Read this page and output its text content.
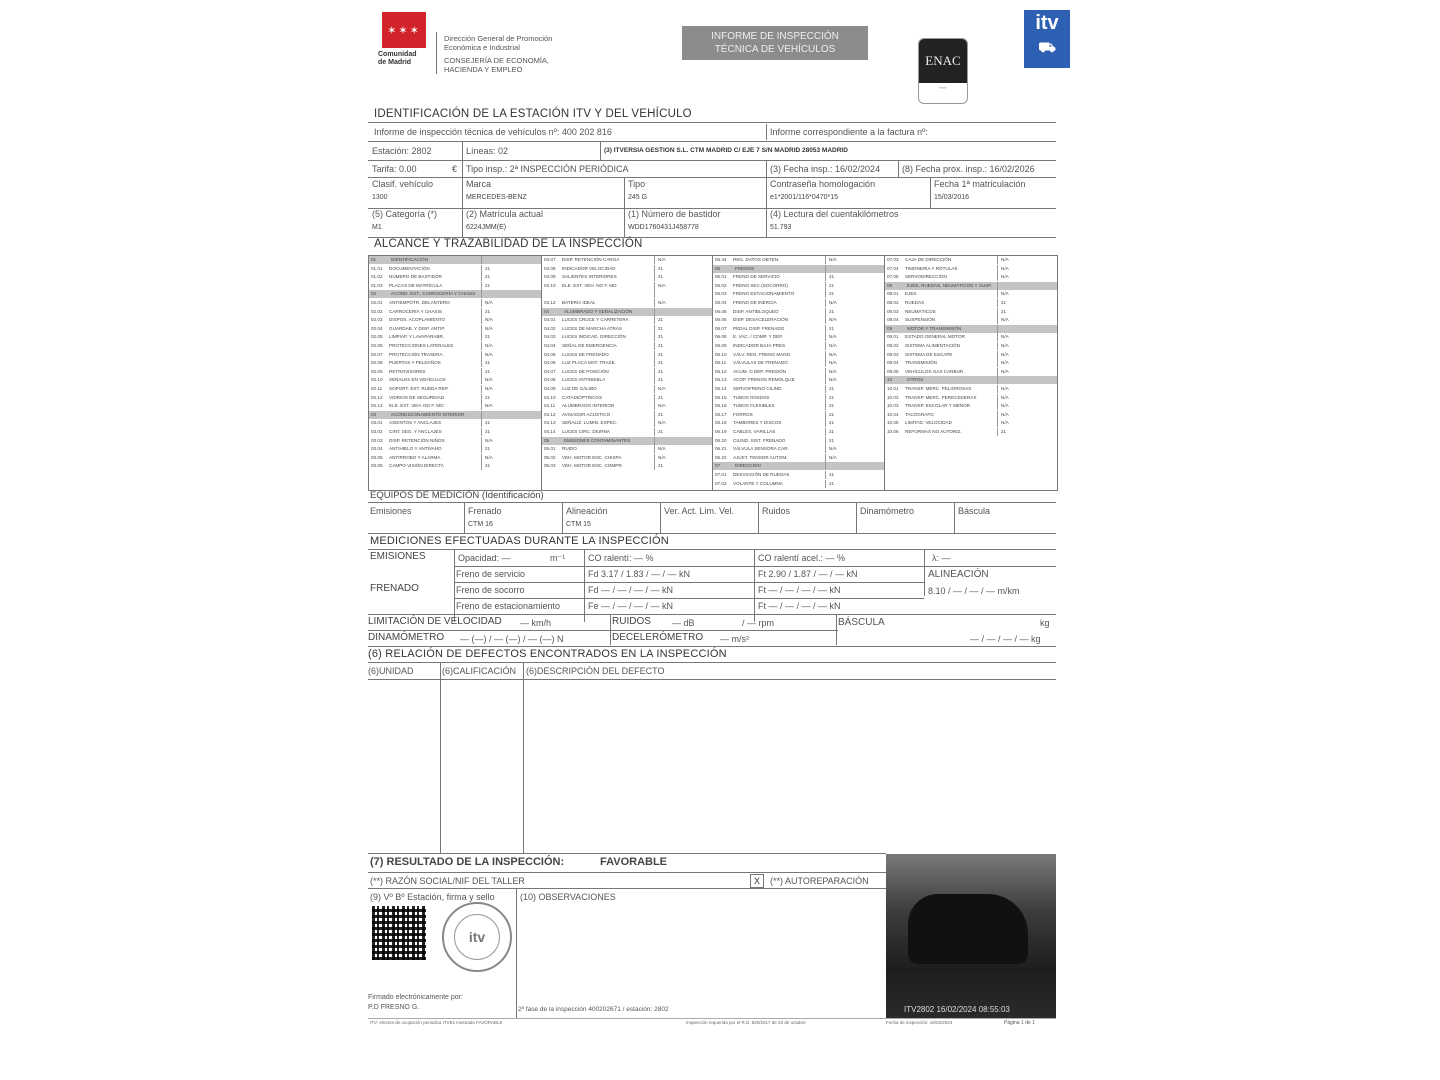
✶✶✶
Comunidad
de Madrid
Dirección General de Promoción
Económica e Industrial
CONSEJERÍA DE ECONOMÍA,
HACIENDA Y EMPLEO
INFORME DE INSPECCIÓN
TÉCNICA DE VEHÍCULOS
ENAC
▪ ▪ ▪
itv
⛟
IDENTIFICACIÓN DE LA ESTACIÓN ITV Y DEL VEHÍCULO
Informe de inspección técnica de vehículos nº: 400 202 816	Informe correspondiente a la factura nº:
Estación: 2802	Líneas: 02	(3) ITVERSIA GESTION S.L. CTM MADRID C/ EJE 7 S/N MADRID 28053 MADRID
Tarifa: 0.00	€ Tipo insp.: 2ª INSPECCIÓN PERIÓDICA	(3) Fecha insp.: 16/02/2024 (8) Fecha prox. insp.: 16/02/2026
Clasif. vehículo
1300
Marca
MERCEDES-BENZ
Tipo
245 G
Contraseña homologación
e1*2001/116*0470*15
Fecha 1ª matriculación
15/03/2016
(5) Categoría (*)
M1
(2) Matrícula actual
6224JMM(E)
(1) Número de bastidor
WDD1760431J458778
(4) Lectura del cuentakilómetros
51.793
ALCANCE Y TRAZABILIDAD DE LA INSPECCIÓN
01	IDENTIFICACIÓN
01.01 DOCUMENTACIÓN	21
01.02 NÚMERO DE BASTIDOR	21
01.03 PLACAS DE MATRÍCULA	21
02	ACOND. EXT., CARROCERÍA Y CHASIS
02.01 ANTIEMPOTR. DELANTERO	N/A
02.02 CARROCERÍA Y CHASIS	21
02.03 DISPOS. ACOPLAMIENTO	N/A
02.04 GUARDAB. Y DISP. ANTIP.	N/A
02.05 LIMPIAP. Y LAVAPARABR.	21
02.06 PROTECCIONES LATERALES	N/A
02.07 PROTECCIÓN TRASERA	N/A
02.08 PUERTAS Y PELDAÑOS	21
02.09 RETROVISORES	21
02.10 SEÑALES EN VEHÍCULOS	N/A
02.11 SOPORT. EXT. RUEDA REP.	N/A
02.12 VIDRIOS DE SEGURIDAD	21
02.13 ELE. EXT. VEH. NO F. MO	N/A
03	ACONDICIONAMIENTO INTERIOR
03.01 ASIENTOS Y ANCLAJES	21
03.02 CINT. SEG. Y ANCLAJES	21
03.03 DISP. RETENCIÓN NIÑOS	N/A
03.04 ANTIHIELO Y ANTIVAHO	21
03.05 ANTIRROBO Y ALARMA	N/A
03.06 CAMPO VISIÓN DIRECTA	21
03.07 DISP. RETENCIÓN CARGA	N/A
03.08 INDICADOR VELOCIDAD	21
03.09 SALIENTES INTERIORES	21
03.10 ELE. EXT. VEH. NO F. MO	N/A
03.12 BATERÍA IDEAL	N/A
04	ALUMBRADO Y SEÑALIZACIÓN
04.01 LUCES CRUCE Y CARRETERA	21
04.02 LUCES DE MARCHA ATRÁS	21
04.03 LUCES INDICAD. DIRECCIÓN	21
04.04 SEÑAL DE EMERGENCIA	21
04.05 LUCES DE FRENADO	21
04.06 LUZ PLACA MAT. TRASE.	21
04.07 LUCES DE POSICIÓN	21
04.08 LUCES ANTINIEBLA	21
04.09 LUZ DE GÁLIBO	N/A
04.10 CATADIÓPTRICOS	21
04.11 ALUMBRADO INTERIOR	N/A
04.12 AVISADOR ACÚSTICO	21
04.13 SEÑALIZ. LUMIN. ESPEC.	N/A
04.14 LUCES CIRC. DIURNA	21
05	EMISIONES CONTAMINANTES
05.01 RUIDO	N/A
05.02 VEH. MOTOR ENC. CHISPA	N/A
05.03 VEH. MOTOR ENC. COMPR.	21
06.44 REG. DATOS OBTEN.	N/A
06	FRENOS
06.01 FRENO DE SERVICIO	21
06.02 FRENO SEC.(SOCORRO)	21
06.03 FRENO ESTACIONAMIENTO	21
06.04 FRENO DE INERCIA	N/A
06.05 DISP. ANTIBLOQUEO	21
06.06 DISP. DESACELERACIÓN	N/A
06.07 PEDAL DISP. FRENADO	21
06.08 E. VAC. / COMP. Y DEP.	N/A
06.09 INDICADOR BAJA PRES.	N/A
06.10 VÁLV. REG. FRENO MANO	N/A
06.11 VÁLVULAS DE FRENADO	N/A
06.12 ACUM. O DEP. PRESIÓN	N/A
06.13 ACOP. FRENOS REMOLQUE	N/A
06.14 SERVOFRENO CILIND.	21
06.15 TUBOS RÍGIDOS	21
06.16 TUBOS FLEXIBLES	21
06.17 FORROS	21
06.18 TAMBORES Y DISCOS	21
06.19 CABLES, VARILLAS	21
06.20 CILIND. SIST. FRENADO	21
06.21 VÁLVULA SENSORA CAR.	N/A
06.22 AJUST. TENSOR AUTOM.	N/A
07	DIRECCIÓN
07.01 DESVIACIÓN DE RUEDAS	21
07.02 VOLANTE Y COLUMNA	21
07.03 CAJA DE DIRECCIÓN	N/A
07.04 TIMONERÍA Y RÓTULAS	N/A
07.05 SERVODIRECCIÓN	N/A
08	EJES, RUEDAS, NEUMÁTICOS Y SUSP.
08.01 EJES	N/A
08.02 RUEDAS	21
08.03 NEUMÁTICOS	21
08.04 SUSPENSIÓN	N/A
09	MOTOR Y TRANSMISIÓN
09.01 ESTADO GENERAL MOTOR	N/A
09.02 SISTEMA ALIMENTACIÓN	N/A
09.03 SISTEMA DE ESCAPE	N/A
09.04 TRANSMISIÓN	N/A
09.05 VEHÍCULOS GAS CARBUR.	N/A
10	OTROS
10.01 TRANSP. MERC. PELIGROSAS	N/A
10.02 TRANSP. MERC. PERECEDERAS	N/A
10.03 TRANSP. ESCOLAR Y MENOR	N/A
10.04 TACÓGRAFO	N/A
10.05 LIMITAD. VELOCIDAD	N/A
10.06 REFORMAS NO AUTORIZ.	21
EQUIPOS DE MEDICIÓN (Identificación)
Emisiones	Frenado
CTM 16
Alineación
CTM 15
Ver. Act. Lim. Vel.	Ruidos	Dinamómetro	Báscula
MEDICIONES EFECTUADAS DURANTE LA INSPECCIÓN
EMISIONES	Opacidad: —	m⁻¹	CO ralentí: — %	CO ralentí acel.: — %	λ: —
FRENADO
Freno de servicio	Fd 3.17 / 1.83 / — / — kN	Ft 2.90 / 1.87 / — / — kN
Freno de socorro	Fd — / — / — / — kN	Ft — / — / — / — kN
Freno de estacionamiento	Fe — / — / — / — kN	Ft — / — / — / — kN
ALINEACIÓN
8.10 / — / — / — m/km
LIMITACIÓN DE VELOCIDAD — km/h	RUIDOS — dB	/ — rpm	BÁSCULA	kg
DINAMÓMETRO — (—) / — (—) / — (—) N	DECELERÓMETRO — m/s²	— / — / — / — kg
(6) RELACIÓN DE DEFECTOS ENCONTRADOS EN LA INSPECCIÓN
(6)UNIDAD	(6)CALIFICACIÓN (6)DESCRIPCIÓN DEL DEFECTO
(7) RESULTADO DE LA INSPECCIÓN:	FAVORABLE
(**) RAZÓN SOCIAL/NIF DEL TALLER	X	(**) AUTOREPARACIÓN
(9) Vº Bº Estación, firma y sello	(10) OBSERVACIONES
itv
Firmado electrónicamente por:
P.D FRESNO G.	2ª fase de la inspección 400202671 / estación: 2802	ITV2802 16/02/2024 08:55:03
ITV: efectos de ocupación periódica ITVEs mostrado FAVORABLE	Inspección requerida por el R.D. 920/2017 de 23 de octubre	Fecha de inspección: 16/02/2024	Página 1 de 1
